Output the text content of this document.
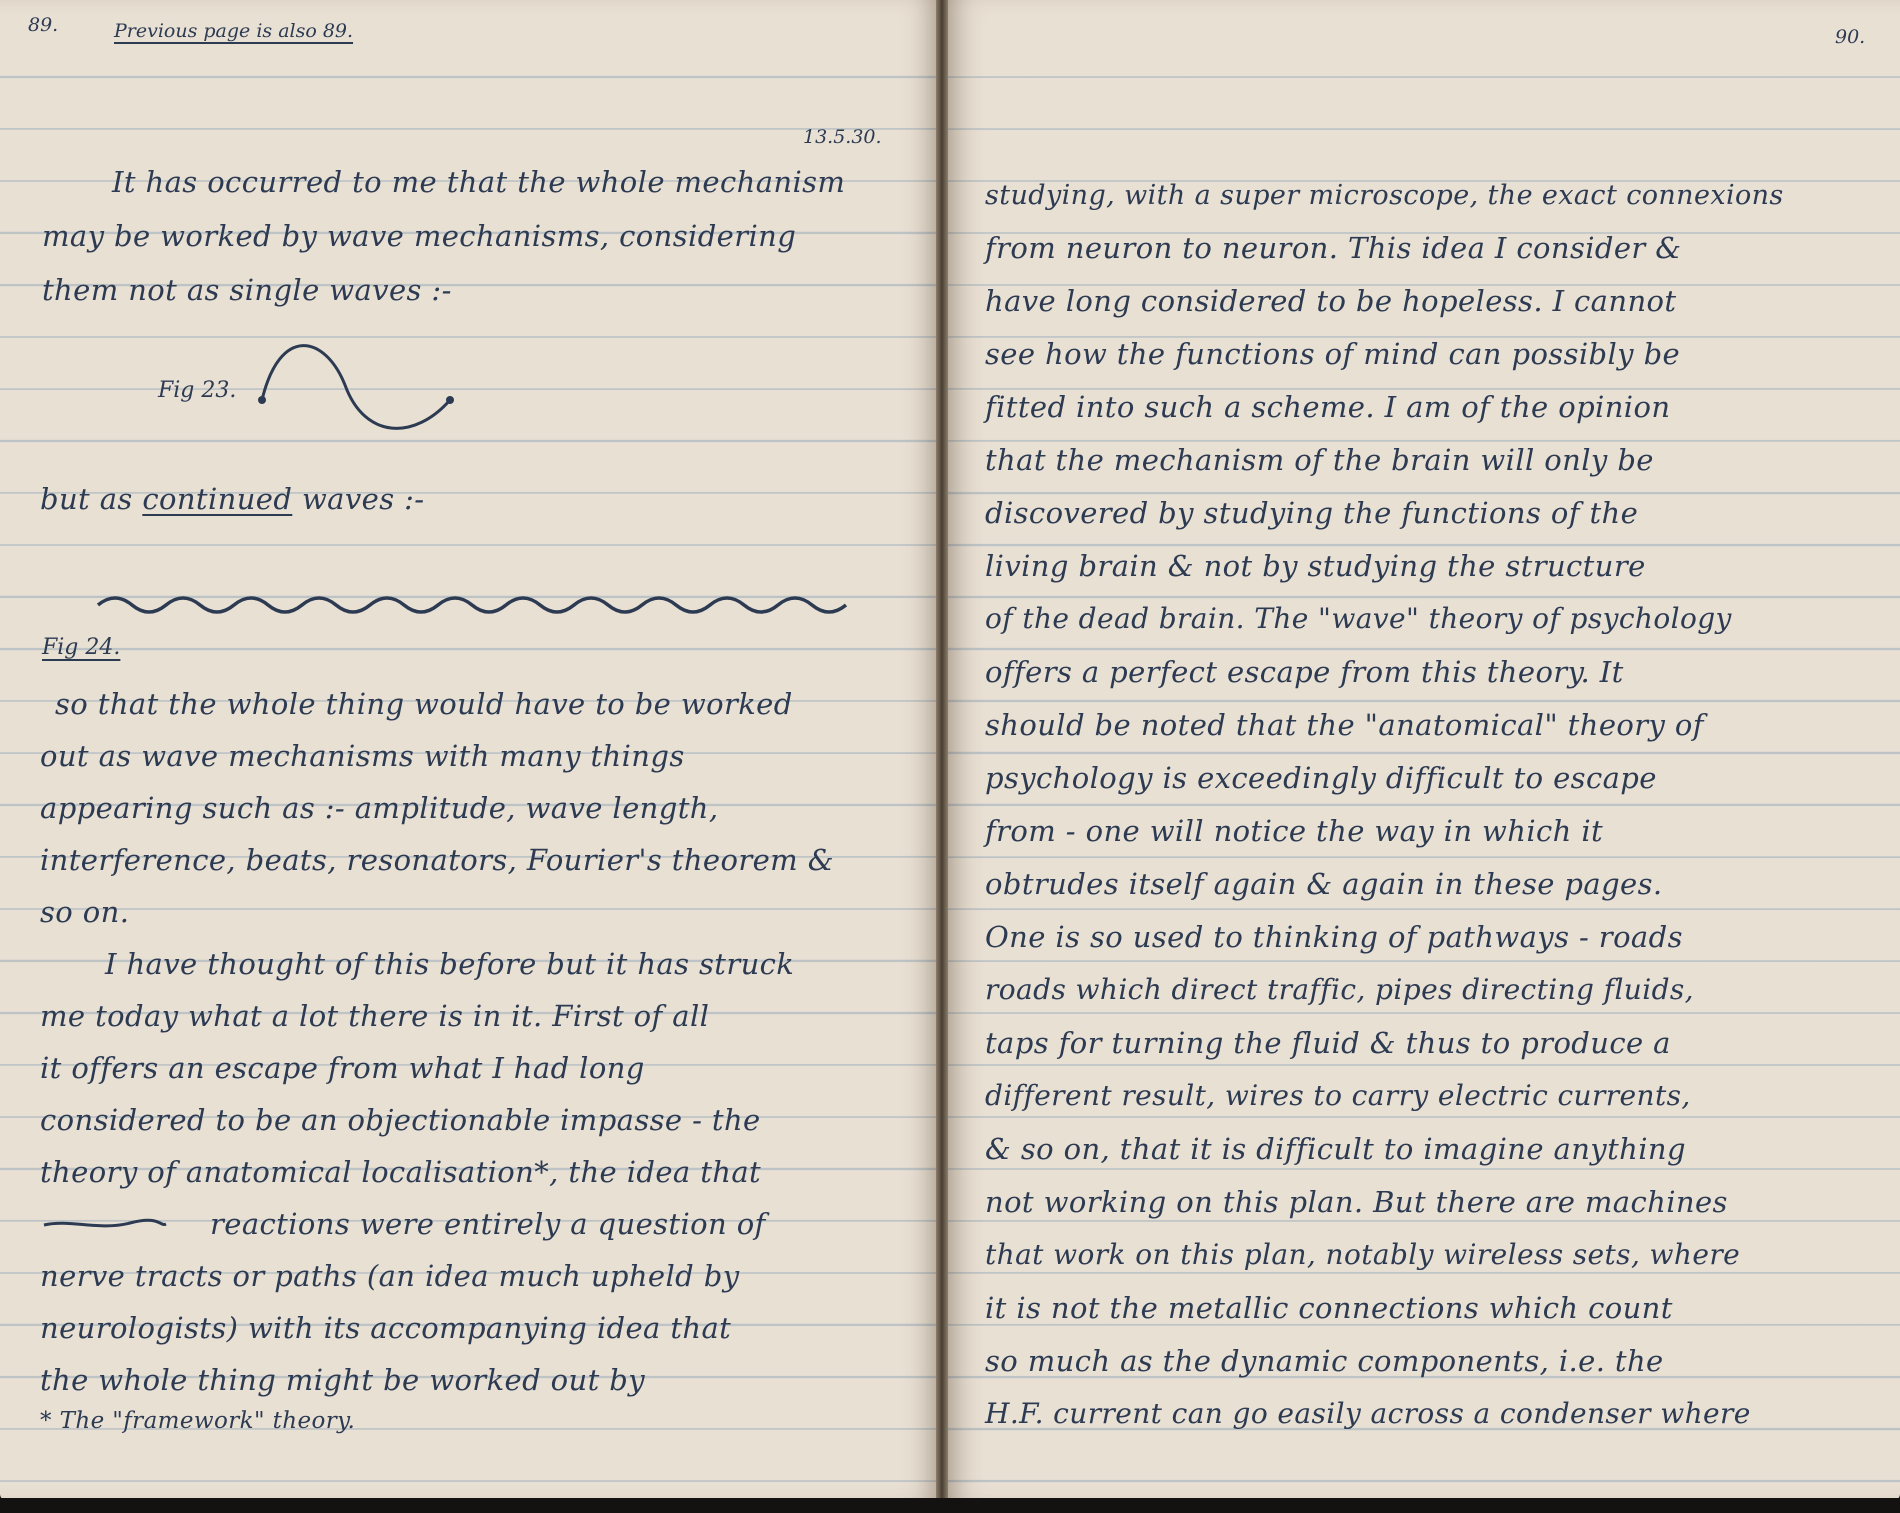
89.	Previous page is also 89.
13.5.30.
It has occurred to me that the whole mechanism
may be worked by wave mechanisms, considering
them not as single waves :-
Fig 23.
but as continued waves :-
Fig 24.
so that the whole thing would have to be worked
out as wave mechanisms with many things
appearing such as :- amplitude, wave length,
interference, beats, resonators, Fourier's theorem &
so on.
I have thought of this before but it has struck
me today what a lot there is in it. First of all
it offers an escape from what I had long
considered to be an objectionable impasse - the
theory of anatomical localisation*, the idea that
reactions were entirely a question of
nerve tracts or paths (an idea much upheld by
neurologists) with its accompanying idea that
the whole thing might be worked out by
* The "framework" theory.
90.
studying, with a super microscope, the exact connexions
from neuron to neuron. This idea I consider &
have long considered to be hopeless. I cannot
see how the functions of mind can possibly be
fitted into such a scheme. I am of the opinion
that the mechanism of the brain will only be
discovered by studying the functions of the
living brain & not by studying the structure
of the dead brain. The "wave" theory of psychology
offers a perfect escape from this theory. It
should be noted that the "anatomical" theory of
psychology is exceedingly difficult to escape
from - one will notice the way in which it
obtrudes itself again & again in these pages.
One is so used to thinking of pathways - roads
roads which direct traffic, pipes directing fluids,
taps for turning the fluid & thus to produce a
different result, wires to carry electric currents,
& so on, that it is difficult to imagine anything
not working on this plan. But there are machines
that work on this plan, notably wireless sets, where
it is not the metallic connections which count
so much as the dynamic components, i.e. the
H.F. current can go easily across a condenser where
